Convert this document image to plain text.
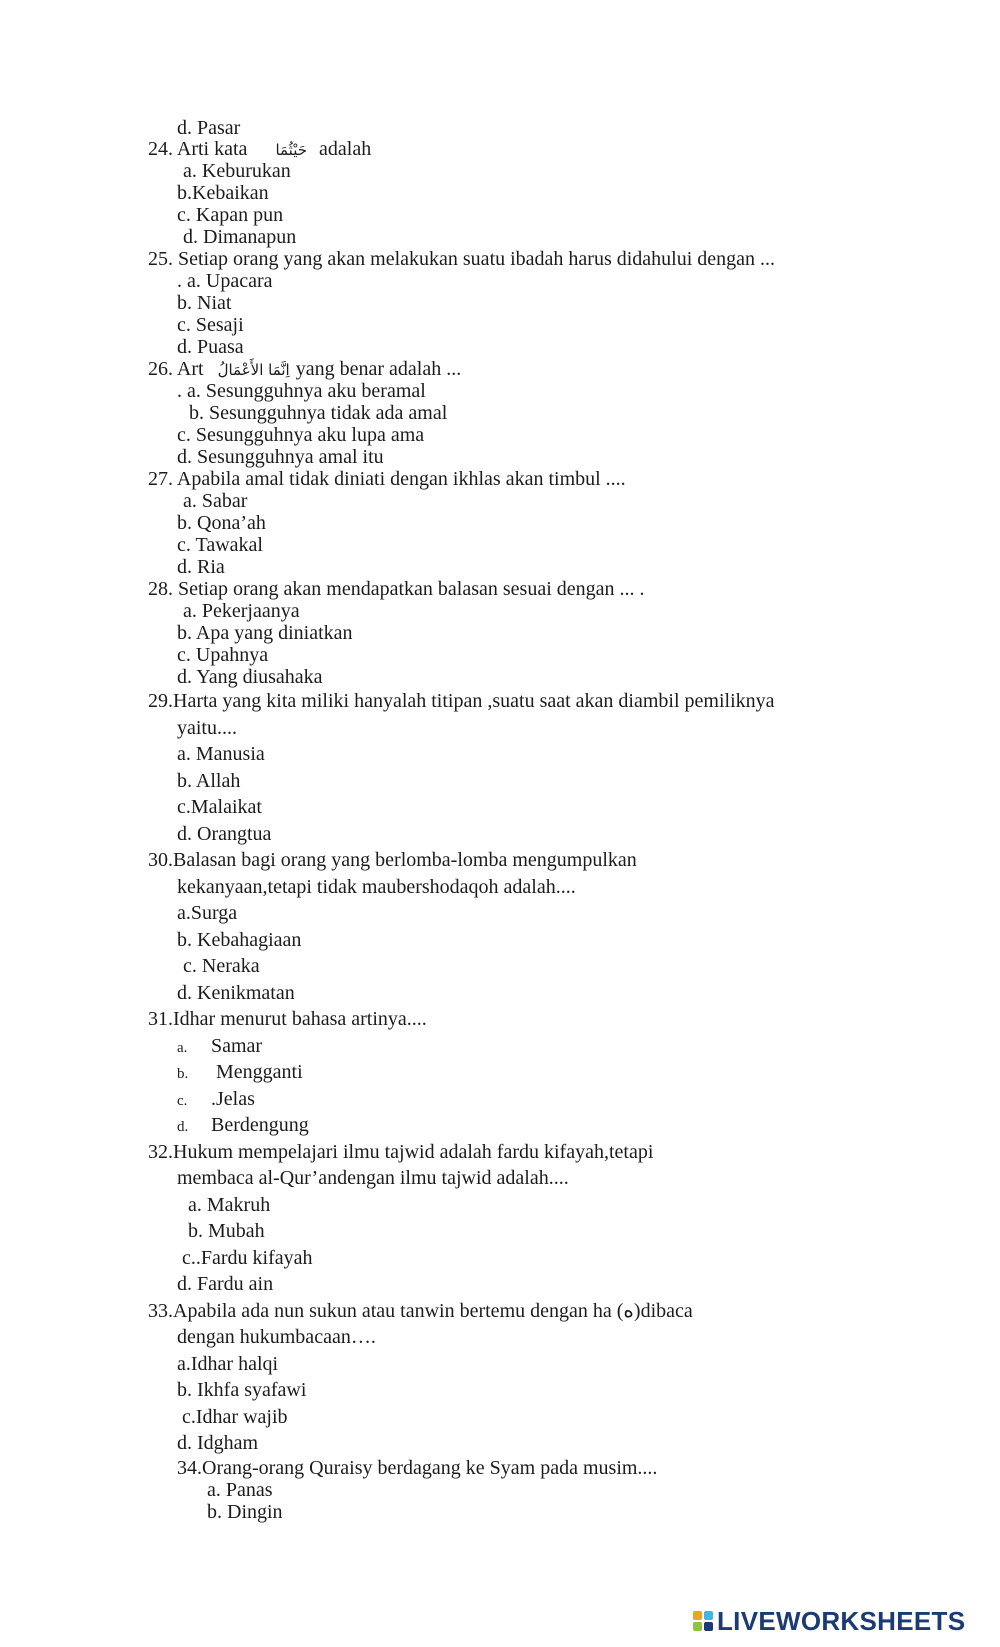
d. Pasar
24. Arti kata حَيْثُمَا adalah
a. Keburukan
b.Kebaikan
c. Kapan pun
d. Dimanapun
25. Setiap orang yang akan melakukan suatu ibadah harus didahului dengan ...
. a. Upacara
b. Niat
c. Sesaji
d. Puasa
26. Art اِنَّمَا الأَعْمَالُ yang benar adalah ...
. a. Sesungguhnya aku beramal
b. Sesungguhnya tidak ada amal
c. Sesungguhnya aku lupa ama
d. Sesungguhnya amal itu
27. Apabila amal tidak diniati dengan ikhlas akan timbul ....
a. Sabar
b. Qona’ah
c. Tawakal
d. Ria
28. Setiap orang akan mendapatkan balasan sesuai dengan ... .
a. Pekerjaanya
b. Apa yang diniatkan
c. Upahnya
d. Yang diusahaka
29.Harta yang kita miliki hanyalah titipan ,suatu saat akan diambil pemiliknya
yaitu....
a. Manusia
b. Allah
c.Malaikat
d. Orangtua
30.Balasan bagi orang yang berlomba-lomba mengumpulkan
kekanyaan,tetapi tidak maubershodaqoh adalah....
a.Surga
b. Kebahagiaan
c. Neraka
d. Kenikmatan
31.Idhar menurut bahasa artinya....
a. Samar
b. Mengganti
c. .Jelas
d. Berdengung
32.Hukum mempelajari ilmu tajwid adalah fardu kifayah,tetapi
membaca al-Qur’andengan ilmu tajwid adalah....
a. Makruh
b. Mubah
c..Fardu kifayah
d. Fardu ain
33.Apabila ada nun sukun atau tanwin bertemu dengan ha (ه)dibaca
dengan hukumbacaan….
a.Idhar halqi
b. Ikhfa syafawi
c.Idhar wajib
d. Idgham
34.Orang-orang Quraisy berdagang ke Syam pada musim....
a. Panas
b. Dingin
LIVEWORKSHEETS
